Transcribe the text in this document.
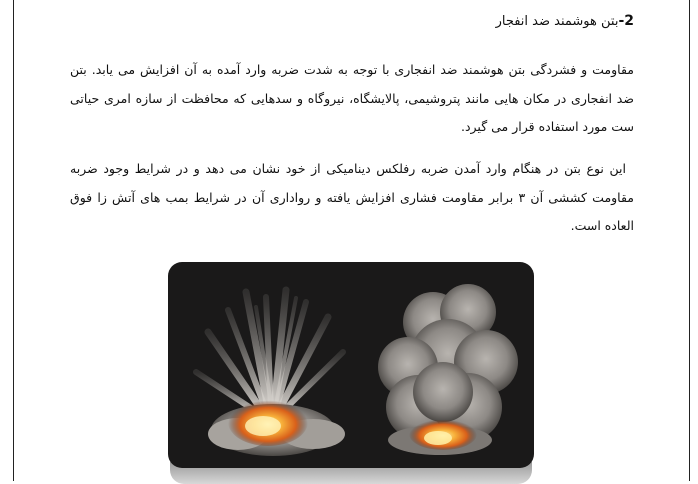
2-بتن هوشمند ضد انفجار

مقاومت و فشردگی بتن هوشمند ضد انفجاری با توجه به شدت ضربه وارد آمده به آن افزایش می یابد. بتن ضد انفجاری در مکان هایی مانند پتروشیمی، پالایشگاه، نیروگاه و سدهایی که محافظت از سازه امری حیاتی ست مورد استفاده قرار می گیرد.

این نوع بتن در هنگام وارد آمدن ضربه رفلکس دینامیکی از خود نشان می دهد و در شرایط وجود ضربه مقاومت کششی آن ۳ برابر مقاومت فشاری افزایش یافته و رواداری آن در شرایط بمب های آتش زا فوق العاده است.
